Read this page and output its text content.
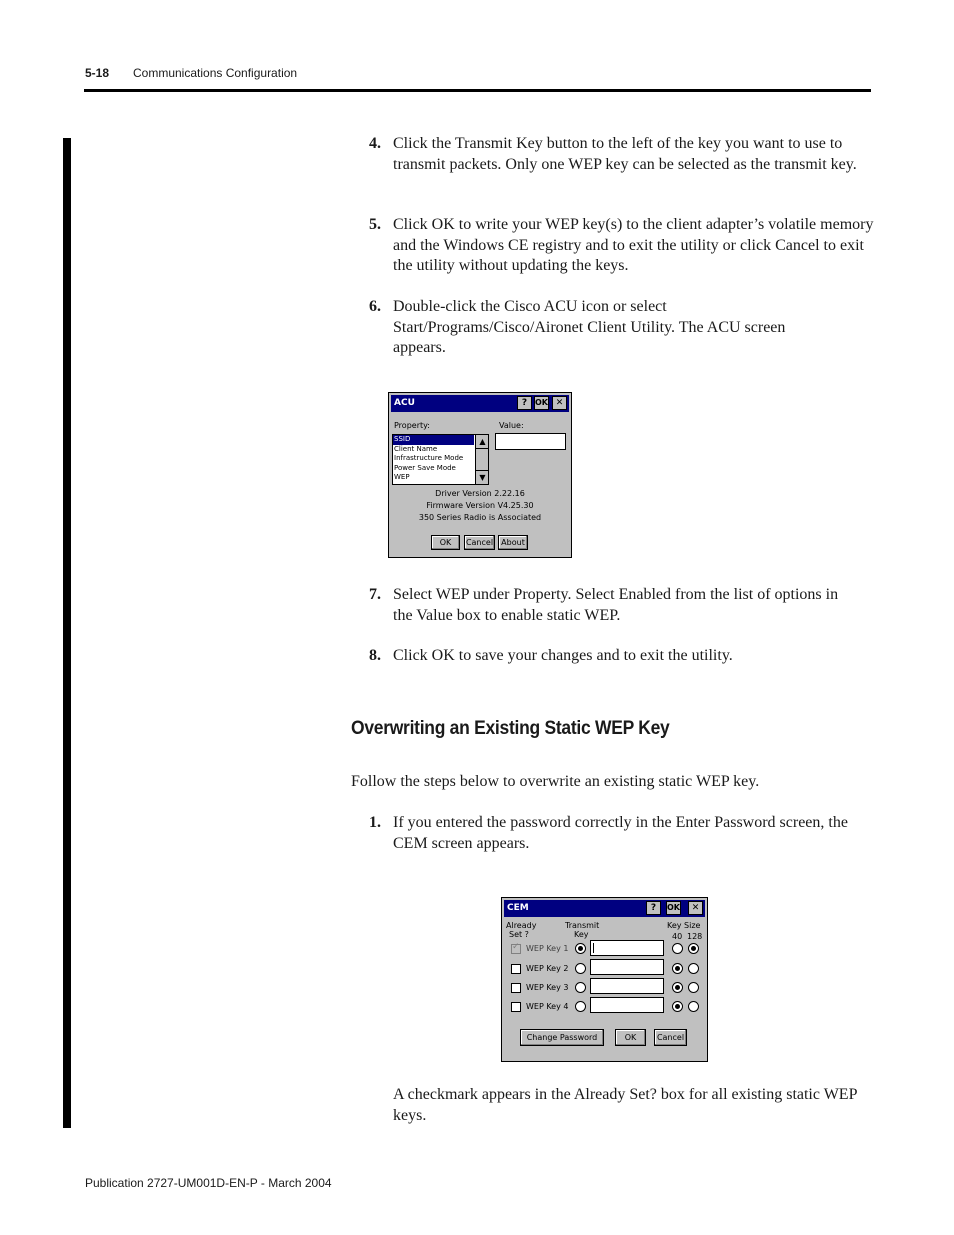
5-18 Communications Configuration
4. Click the Transmit Key button to the left of the key you want to use to transmit packets. Only one WEP key can be selected as the transmit key.
5. Click OK to write your WEP key(s) to the client adapter’s volatile memory and the Windows CE registry and to exit the utility or click Cancel to exit the utility without updating the keys.
6. Double-click the Cisco ACU icon or select Start/Programs/Cisco/Aironet Client Utility. The ACU screen appears.
ACU	? OK ✕
Property:	Value:
SSID
Client Name
Infrastructure Mode
Power Save Mode
WEP
▲
▼
Driver Version 2.22.16
Firmware Version V4.25.30
350 Series Radio is Associated
OK	Cancel	About
7. Select WEP under Property. Select Enabled from the list of options in the Value box to enable static WEP.
8. Click OK to save your changes and to exit the utility.
Overwriting an Existing Static WEP Key
Follow the steps below to overwrite an existing static WEP key.
1. If you entered the password correctly in the Enter Password screen, the CEM screen appears.
CEM	?	OK	✕
Already
Set ?
Transmit
Key
Key Size
40 128
✓ WEP Key 1
WEP Key 2
WEP Key 3
WEP Key 4
Change Password	OK	Cancel
A checkmark appears in the Already Set? box for all existing static WEP keys.
Publication 2727-UM001D-EN-P - March 2004
